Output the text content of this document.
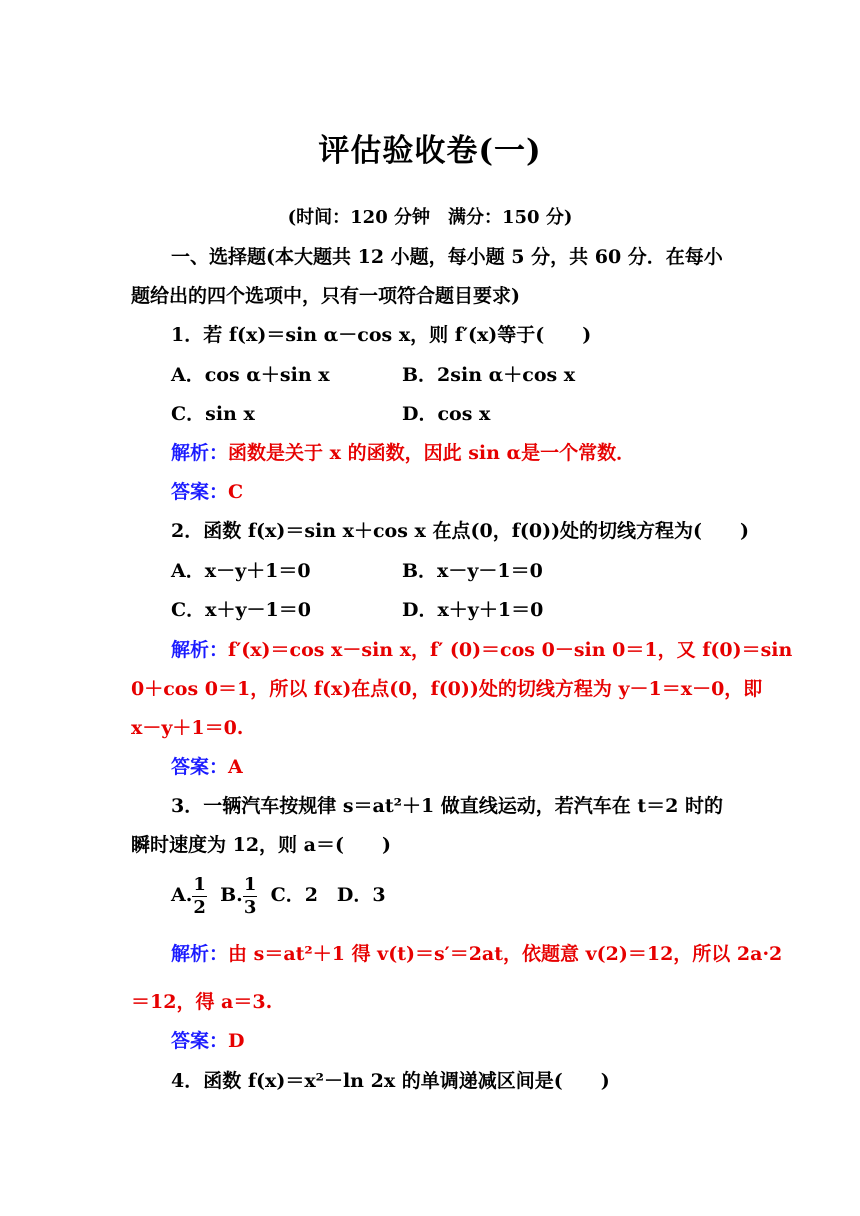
评估验收卷(一)
(时间：120 分钟　满分：150 分)
一、选择题(本大题共 12 小题，每小题 5 分，共 60 分．在每小
题给出的四个选项中，只有一项符合题目要求)
1．若 f(x)＝sin α－cos x，则 f′(x)等于(　　)
A．cos α＋sin x	B．2sin α＋cos x
C．sin x	D．cos x
解析：函数是关于 x 的函数，因此 sin α是一个常数．
答案：C
2．函数 f(x)＝sin x＋cos x 在点(0，f(0))处的切线方程为(　　)
A．x－y＋1＝0	B．x－y－1＝0
C．x＋y－1＝0	D．x＋y＋1＝0
解析：f′(x)＝cos x－sin x，f′ (0)＝cos 0－sin 0＝1，又 f(0)＝sin
0＋cos 0＝1，所以 f(x)在点(0，f(0))处的切线方程为 y－1＝x－0，即
x－y＋1＝0.
答案：A
3．一辆汽车按规律 s＝at²＋1 做直线运动，若汽车在 t＝2 时的
瞬时速度为 12，则 a＝(　　)
A. $\frac{1}{2} B$. $\frac{1}{3}$ C．2　D．3
解析：由 s＝at²＋1 得 v(t)＝s′＝2at，依题意 v(2)＝12，所以 2a·2
＝12，得 a＝3.
答案：D
4．函数 f(x)＝x²－ln 2x 的单调递减区间是(　　)
